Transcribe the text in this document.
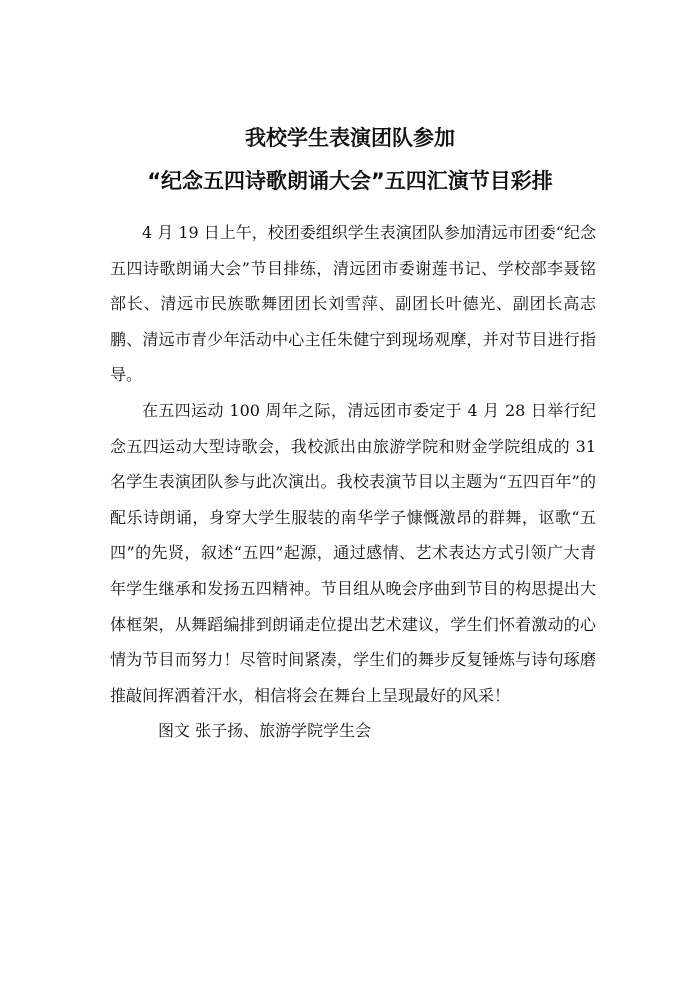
我校学生表演团队参加
“纪念五四诗歌朗诵大会”五四汇演节目彩排

4 月 19 日上午，校团委组织学生表演团队参加清远市团委“纪念五四诗歌朗诵大会”节目排练，清远团市委谢莲书记、学校部李聂铭部长、清远市民族歌舞团团长刘雪萍、副团长叶德光、副团长高志鹏、清远市青少年活动中心主任朱健宁到现场观摩，并对节目进行指导。

在五四运动 100 周年之际，清远团市委定于 4 月 28 日举行纪念五四运动大型诗歌会，我校派出由旅游学院和财金学院组成的 31 名学生表演团队参与此次演出。我校表演节目以主题为“五四百年”的配乐诗朗诵，身穿大学生服装的南华学子慷慨激昂的群舞，讴歌“五四”的先贤，叙述“五四”起源，通过感情、艺术表达方式引领广大青年学生继承和发扬五四精神。节目组从晚会序曲到节目的构思提出大体框架，从舞蹈编排到朗诵走位提出艺术建议，学生们怀着激动的心情为节目而努力！尽管时间紧凑，学生们的舞步反复锤炼与诗句琢磨推敲间挥洒着汗水，相信将会在舞台上呈现最好的风采！

图文 张子扬、旅游学院学生会
